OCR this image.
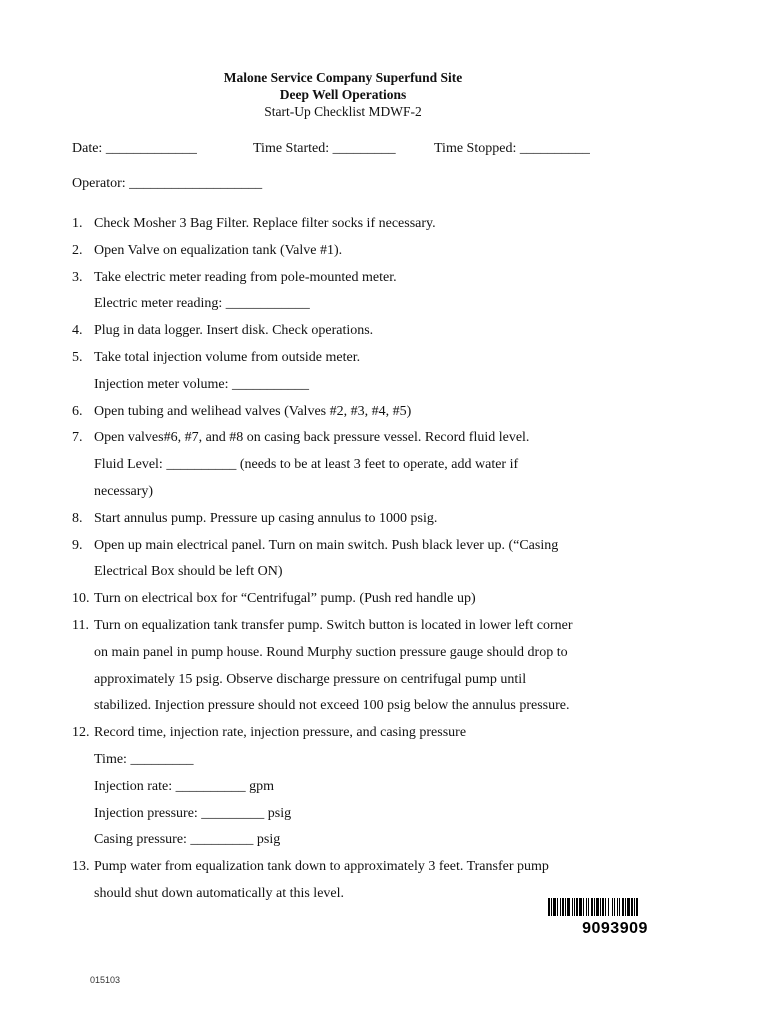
Malone Service Company Superfund Site
Deep Well Operations
Start-Up Checklist MDWF-2
Date: _____________	Time Started: _________	Time Stopped: __________
Operator: ___________________
1. Check Mosher 3 Bag Filter. Replace filter socks if necessary.
2. Open Valve on equalization tank (Valve #1).
3. Take electric meter reading from pole-mounted meter.
Electric meter reading: ____________
4. Plug in data logger. Insert disk. Check operations.
5. Take total injection volume from outside meter.
Injection meter volume: ___________
6. Open tubing and welihead valves (Valves #2, #3, #4, #5)
7. Open valves#6, #7, and #8 on casing back pressure vessel. Record fluid level.
Fluid Level: __________ (needs to be at least 3 feet to operate, add water if
necessary)
8. Start annulus pump. Pressure up casing annulus to 1000 psig.
9. Open up main electrical panel. Turn on main switch. Push black lever up. (“Casing
Electrical Box should be left ON)
10. Turn on electrical box for “Centrifugal” pump. (Push red handle up)
11. Turn on equalization tank transfer pump. Switch button is located in lower left corner
on main panel in pump house. Round Murphy suction pressure gauge should drop to
approximately 15 psig. Observe discharge pressure on centrifugal pump until
stabilized. Injection pressure should not exceed 100 psig below the annulus pressure.
12. Record time, injection rate, injection pressure, and casing pressure
Time: _________
Injection rate: __________ gpm
Injection pressure: _________ psig
Casing pressure: _________ psig
13. Pump water from equalization tank down to approximately 3 feet. Transfer pump
should shut down automatically at this level.
9093909
015103
